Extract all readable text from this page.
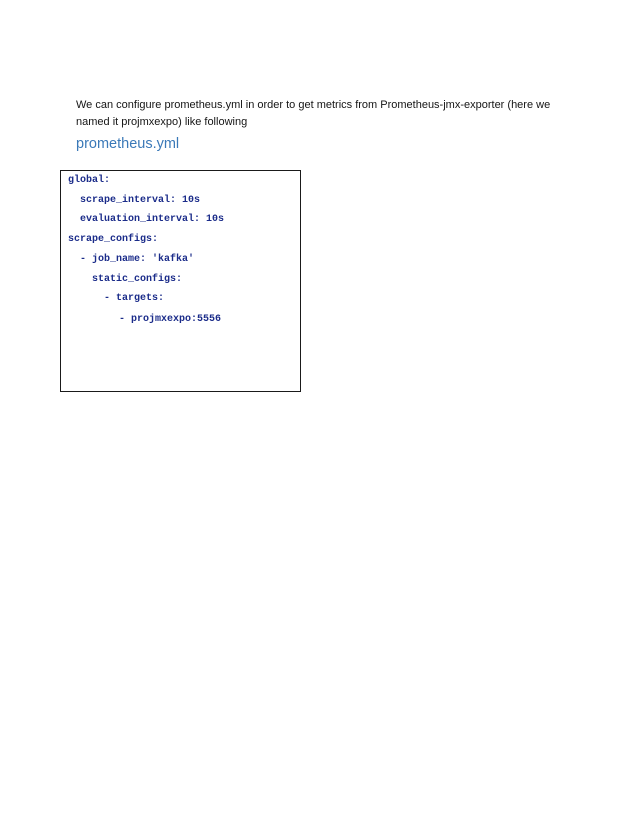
We can configure prometheus.yml in order to get metrics from Prometheus-jmx-exporter (here we

named it projmxexpo) like following

prometheus.yml
global:
scrape_interval: 10s
evaluation_interval: 10s
scrape_configs:
- job_name: 'kafka'
static_configs:
- targets:
- projmxexpo:5556
